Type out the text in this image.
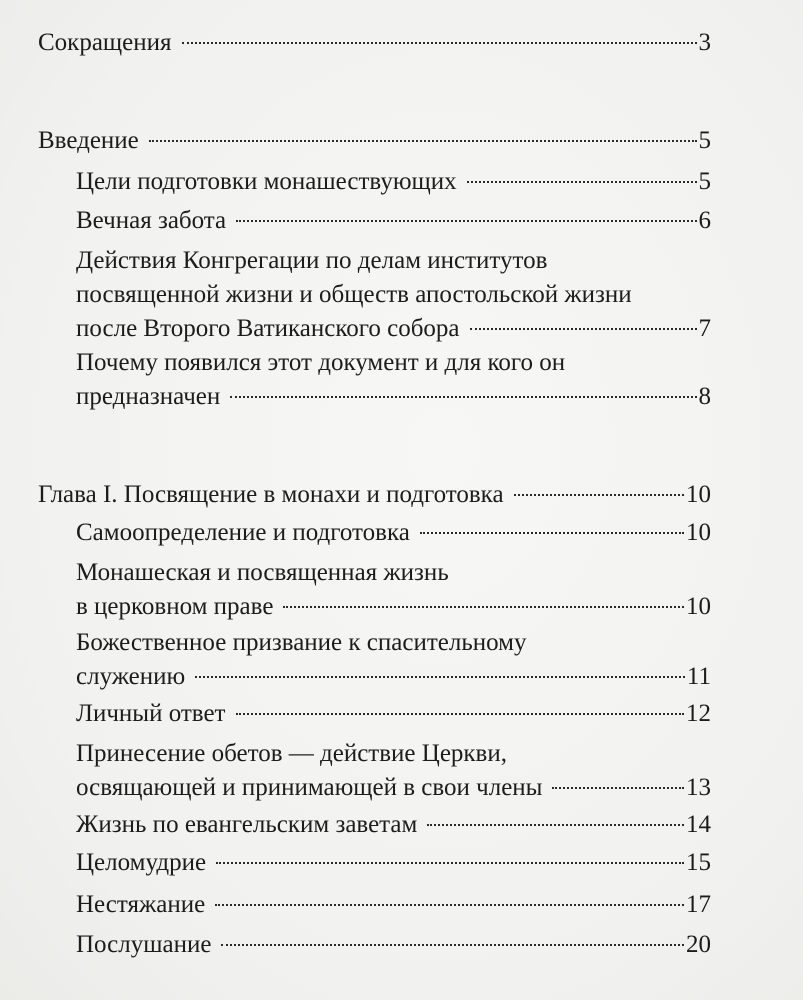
Сокращения	3
Введение	5
Цели подготовки монашествующих	5
Вечная забота	6
Действия Конгрегации по делам институтов
посвященной жизни и обществ апостольской жизни
после Второго Ватиканского собора	7
Почему появился этот документ и для кого он
предназначен	8
Глава I. Посвящение в монахи и подготовка	10
Самоопределение и подготовка	10
Монашеская и посвященная жизнь
в церковном праве	10
Божественное призвание к спасительному
служению	11
Личный ответ	12
Принесение обетов — действие Церкви,
освящающей и принимающей в свои члены	13
Жизнь по евангельским заветам	14
Целомудрие	15
Нестяжание	17
Послушание	20
